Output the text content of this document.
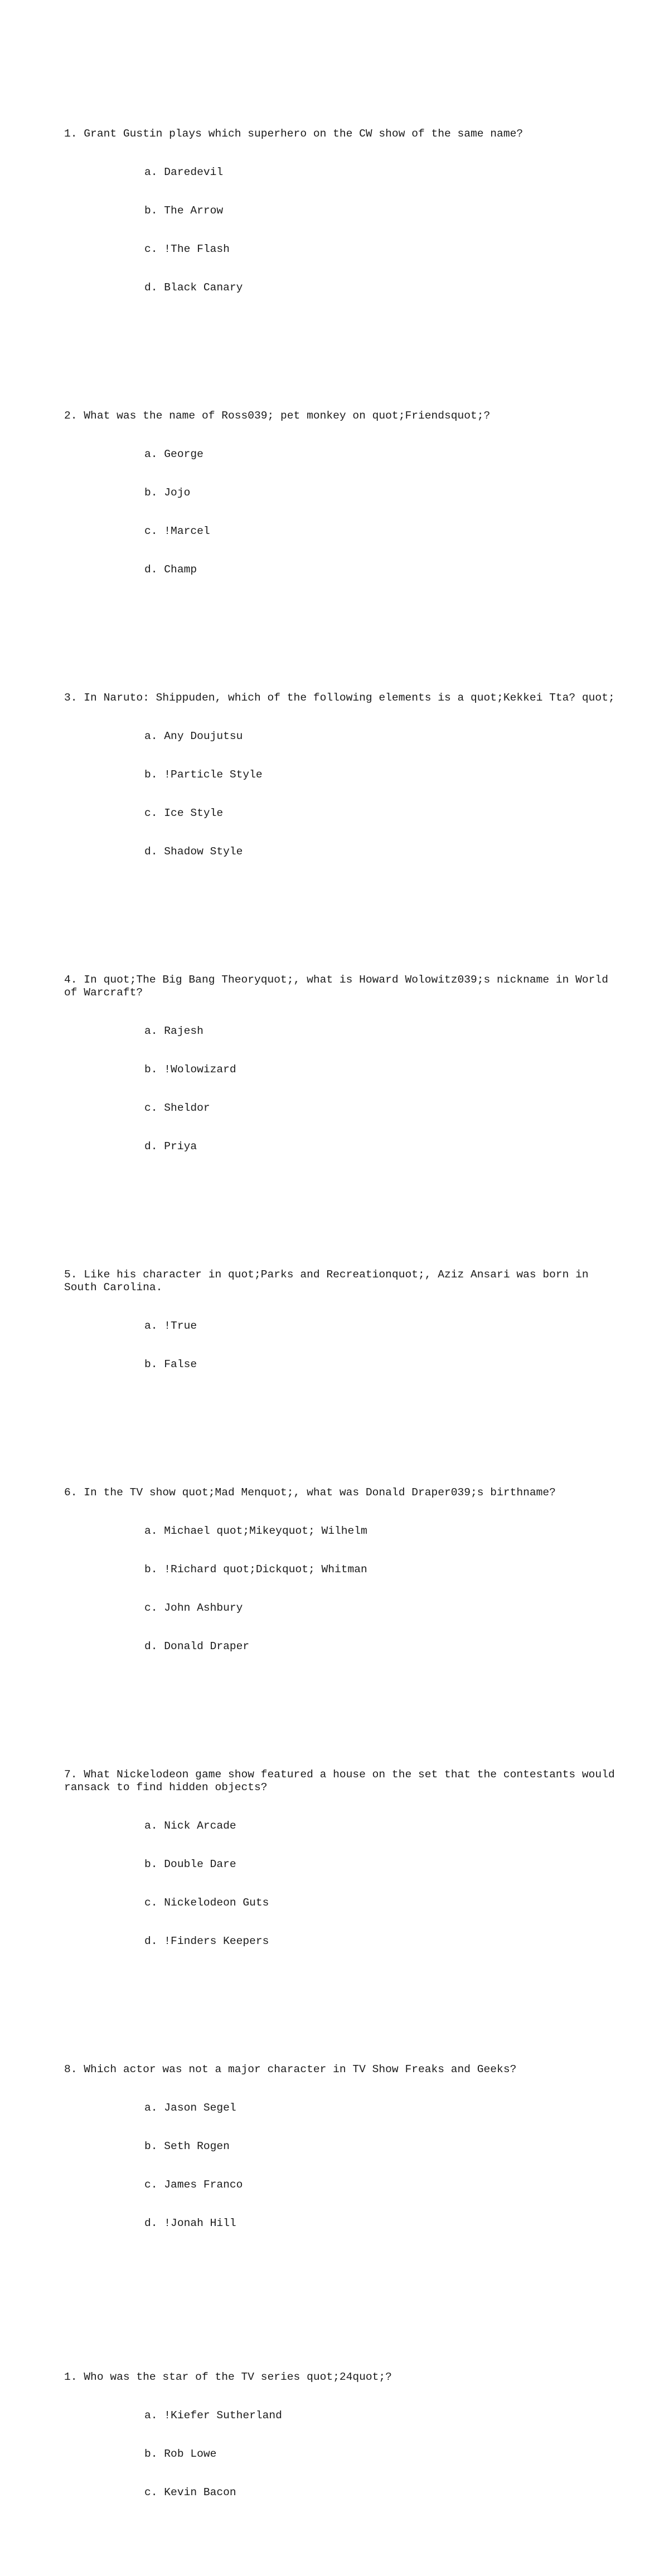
1. Grant Gustin plays which superhero on the CW show of the same name?

a. Daredevil

b. The Arrow

c. !The Flash

d. Black Canary

2. What was the name of Ross039; pet monkey on quot;Friendsquot;?

a. George

b. Jojo

c. !Marcel

d. Champ

3. In Naruto: Shippuden, which of the following elements is a quot;Kekkei Tta? quot;

a. Any Doujutsu

b. !Particle Style

c. Ice Style

d. Shadow Style

4. In quot;The Big Bang Theoryquot;, what is Howard Wolowitz039;s nickname in World of Warcraft?

a. Rajesh

b. !Wolowizard

c. Sheldor

d. Priya

5. Like his character in quot;Parks and Recreationquot;, Aziz Ansari was born in South Carolina.

a. !True

b. False

6. In the TV show quot;Mad Menquot;, what was Donald Draper039;s birthname?

a. Michael quot;Mikeyquot; Wilhelm

b. !Richard quot;Dickquot; Whitman

c. John Ashbury

d. Donald Draper

7. What Nickelodeon game show featured a house on the set that the contestants would ransack to find hidden objects?

a. Nick Arcade

b. Double Dare

c. Nickelodeon Guts

d. !Finders Keepers

8. Which actor was not a major character in TV Show Freaks and Geeks?

a. Jason Segel

b. Seth Rogen

c. James Franco

d. !Jonah Hill

1. Who was the star of the TV series quot;24quot;?

a. !Kiefer Sutherland

b. Rob Lowe

c. Kevin Bacon
